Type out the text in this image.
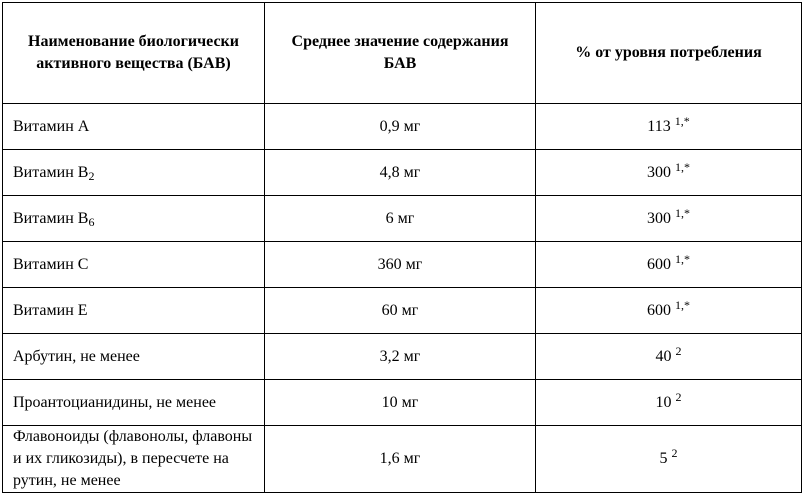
Наименование биологически активного вещества (БАВ)	Среднее значение содержания БАВ	% от уровня потребления
Витамин A	0,9 мг	113 $^{1,*}$
Витамин $B_2$	4,8 мг	300 $^{1,*}$
Витамин $B_6$	6 мг	300 $^{1,*}$
Витамин C	360 мг	600 $^{1,*}$
Витамин E	60 мг	600 $^{1,*}$
Арбутин, не менее	3,2 мг	40 $^2$
Проантоцианидины, не менее	10 мг	10 $^2$
Флавоноиды (флавонолы, флавоны и их гликозиды), в пересчете на рутин, не менее	1,6 мг	5 $^2$
